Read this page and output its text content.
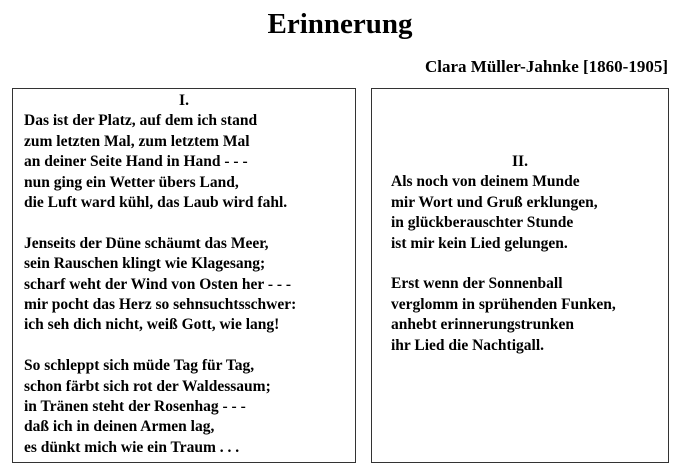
Erinnerung
Clara Müller-Jahnke [1860-1905]
I.
Das ist der Platz, auf dem ich stand
zum letzten Mal, zum letztem Mal
an deiner Seite Hand in Hand - - -
nun ging ein Wetter übers Land,
die Luft ward kühl, das Laub wird fahl.
Jenseits der Düne schäumt das Meer,
sein Rauschen klingt wie Klagesang;
scharf weht der Wind von Osten her - - -
mir pocht das Herz so sehnsuchtsschwer:
ich seh dich nicht, weiß Gott, wie lang!
So schleppt sich müde Tag für Tag,
schon färbt sich rot der Waldessaum;
in Tränen steht der Rosenhag - - -
daß ich in deinen Armen lag,
es dünkt mich wie ein Traum . . .
II.
Als noch von deinem Munde
mir Wort und Gruß erklungen,
in glückberauschter Stunde
ist mir kein Lied gelungen.
Erst wenn der Sonnenball
verglomm in sprühenden Funken,
anhebt erinnerungstrunken
ihr Lied die Nachtigall.
